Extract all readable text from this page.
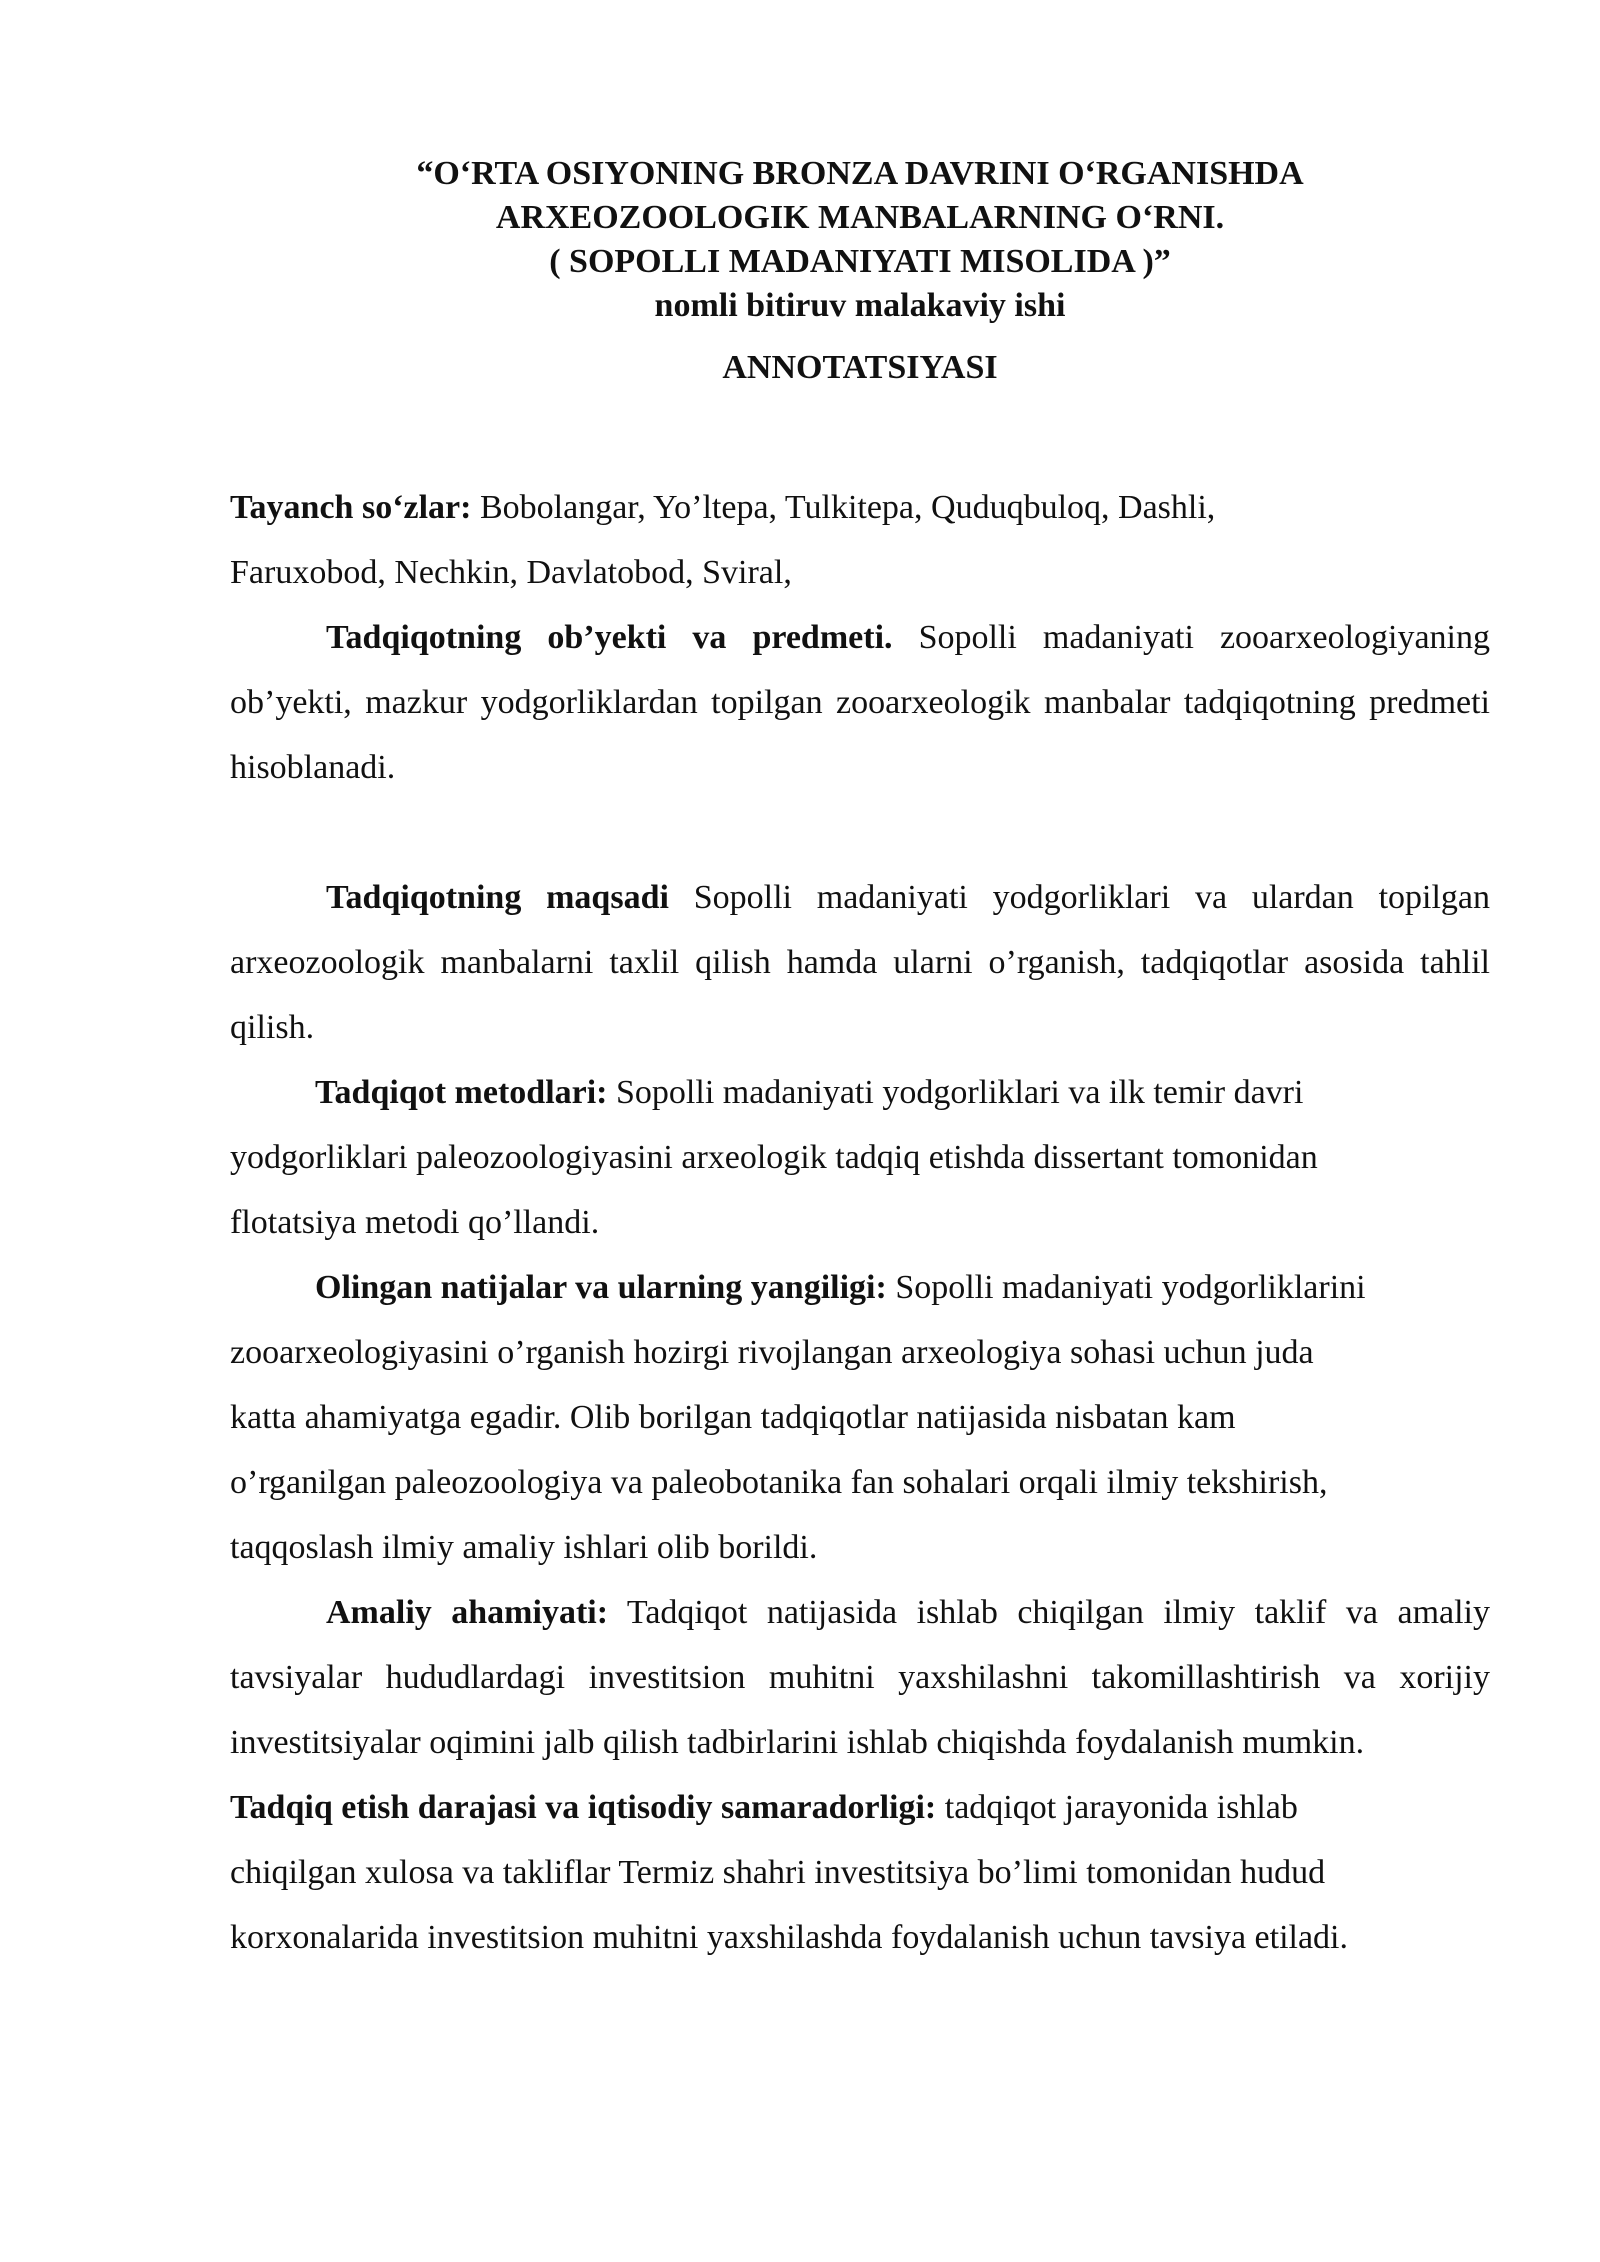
“O‘RTA OSIYONING BRONZA DAVRINI O‘RGANISHDA
ARXEOZOOLOGIK MANBALARNING O‘RNI.
( SOPOLLI MADANIYATI MISOLIDA )”
nomli bitiruv malakaviy ishi
ANNOTATSIYASI

Tayanch so‘zlar: Bobolangar, Yo’ltepa, Tulkitepa, Quduqbuloq, Dashli,
Faruxobod, Nechkin, Davlatobod, Sviral,

Tadqiqotning ob’yekti va predmeti. Sopolli madaniyati zooarxeologiyaning ob’yekti, mazkur yodgorliklardan topilgan zooarxeologik manbalar tadqiqotning predmeti hisoblanadi.

Tadqiqotning maqsadi Sopolli madaniyati yodgorliklari va ulardan topilgan arxeozoologik manbalarni taxlil qilish hamda ularni o’rganish, tadqiqotlar asosida tahlil qilish.

Tadqiqot metodlari: Sopolli madaniyati yodgorliklari va ilk temir davri
yodgorliklari paleozoologiyasini arxeologik tadqiq etishda dissertant tomonidan
flotatsiya metodi qo’llandi.

Olingan natijalar va ularning yangiligi: Sopolli madaniyati yodgorliklarini
zooarxeologiyasini o’rganish hozirgi rivojlangan arxeologiya sohasi uchun juda
katta ahamiyatga egadir. Olib borilgan tadqiqotlar natijasida nisbatan kam
o’rganilgan paleozoologiya va paleobotanika fan sohalari orqali ilmiy tekshirish,
taqqoslash ilmiy amaliy ishlari olib borildi.

Amaliy ahamiyati: Tadqiqot natijasida ishlab chiqilgan ilmiy taklif va amaliy tavsiyalar hududlardagi investitsion muhitni yaxshilashni takomillashtirish va xorijiy investitsiyalar oqimini jalb qilish tadbirlarini ishlab chiqishda foydalanish mumkin.

Tadqiq etish darajasi va iqtisodiy samaradorligi: tadqiqot jarayonida ishlab
chiqilgan xulosa va takliflar Termiz shahri investitsiya bo’limi tomonidan hudud
korxonalarida investitsion muhitni yaxshilashda foydalanish uchun tavsiya etiladi.
